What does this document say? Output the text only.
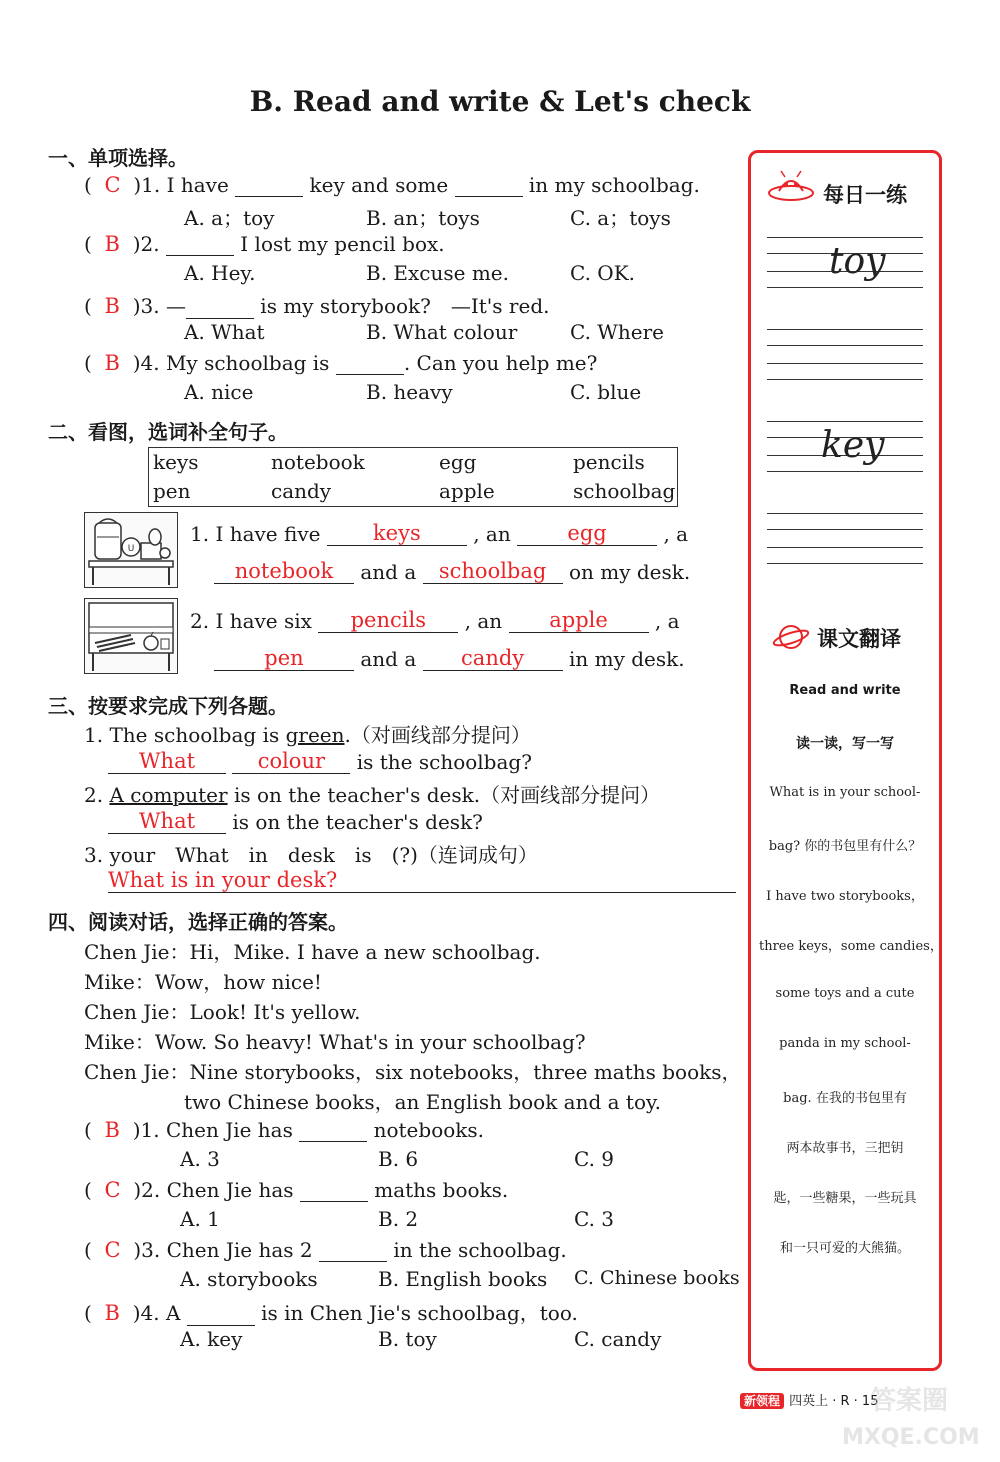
B. Read and write & Let's check
一、单项选择。
(  C )1. I have	key and some	in my schoolbag.
A. a；toy	B. an；toys	C. a；toys
(  B )2.	I lost my pencil box.
A. Hey.	B. Excuse me.	C. OK.
(  B )3. —	is my storybook?　—It's red.
A. What	B. What colour	C. Where
(  B )4. My schoolbag is	. Can you help me?
A. nice	B. heavy	C. blue
二、看图，选词补全句子。
keys	notebook	egg	pencils
pen	candy	apple	schoolbag
U
1. I have five keys	, an	egg	, a
notebook and a schoolbag on my desk.
2. I have six pencils , an apple , a
pen	and a candy in my desk.
三、按要求完成下列各题。
1. The schoolbag is green.（对画线部分提问）
What	colour is the schoolbag?
2. A computer is on the teacher's desk.（对画线部分提问）
What is on the teacher's desk?
3. your　What　in　desk　is　(?)（连词成句）
What is in your desk?
四、阅读对话，选择正确的答案。
Chen Jie：Hi，Mike. I have a new schoolbag.
Mike：Wow，how nice!
Chen Jie：Look! It's yellow.
Mike：Wow. So heavy! What's in your schoolbag?
Chen Jie：Nine storybooks，six notebooks，three maths books，
two Chinese books，an English book and a toy.
(  B )1. Chen Jie has	notebooks.
A. 3	B. 6	C. 9
(  C )2. Chen Jie has	maths books.
A. 1	B. 2	C. 3
(  C )3. Chen Jie has 2	in the schoolbag.
A. storybooks	B. English books C. Chinese books
(  B )4. A	is in Chen Jie's schoolbag，too.
A. key	B. toy	C. candy
每日一练
toy
key
课文翻译
Read and write
读一读，写一写
What is in your school-
bag? 你的书包里有什么？
I have two storybooks，
three keys，some candies，
some toys and a cute
panda in my school-
bag. 在我的书包里有
两本故事书，三把钥
匙，一些糖果，一些玩具
和一只可爱的大熊猫。
新领程 四英上 · R · 15
答案圈
MXQE.COM
